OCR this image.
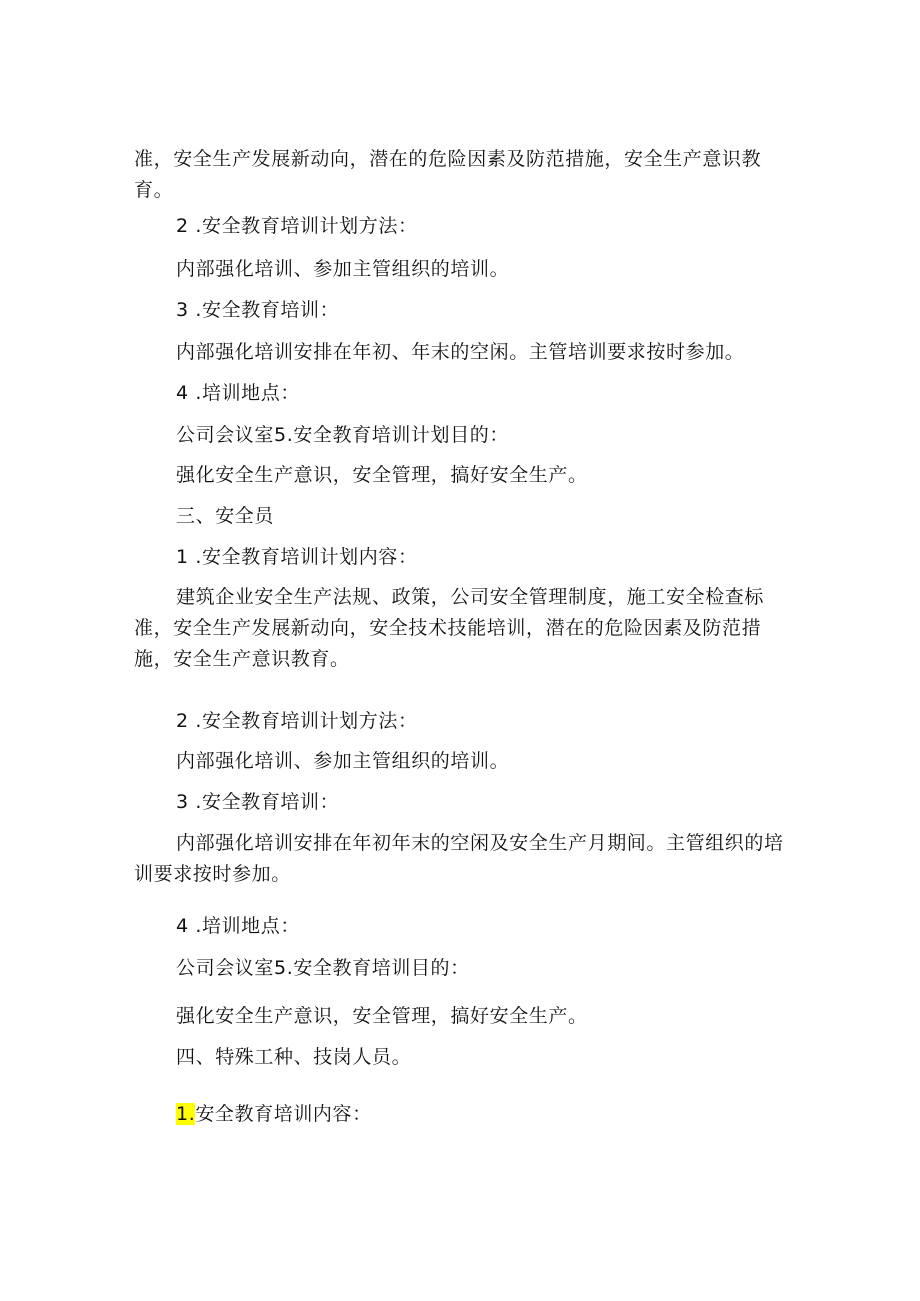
准，安全生产发展新动向，潜在的危险因素及防范措施，安全生产意识教育。

2 .安全教育培训计划方法：

内部强化培训、参加主管组织的培训。

3 .安全教育培训：

内部强化培训安排在年初、年末的空闲。主管培训要求按时参加。

4 .培训地点：

公司会议室5.安全教育培训计划目的：

强化安全生产意识，安全管理，搞好安全生产。

三、安全员

1 .安全教育培训计划内容：

建筑企业安全生产法规、政策，公司安全管理制度，施工安全检查标准，安全生产发展新动向，安全技术技能培训，潜在的危险因素及防范措施，安全生产意识教育。

2 .安全教育培训计划方法：

内部强化培训、参加主管组织的培训。

3 .安全教育培训：

内部强化培训安排在年初年末的空闲及安全生产月期间。主管组织的培训要求按时参加。

4 .培训地点：

公司会议室5.安全教育培训目的：

强化安全生产意识，安全管理，搞好安全生产。

四、特殊工种、技岗人员。

1.安全教育培训内容：
